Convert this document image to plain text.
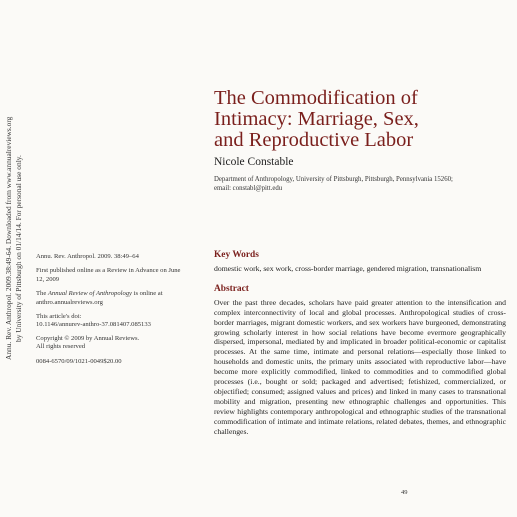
Annu. Rev. Anthropol. 2009.38:49-64. Downloaded from www.annualreviews.org by University of Pittsburgh on 01/14/14. For personal use only.
The Commodification of
Intimacy: Marriage, Sex,
and Reproductive Labor
Nicole Constable
Department of Anthropology, University of Pittsburgh, Pittsburgh, Pennsylvania 15260;
email: constabl@pitt.edu

Annu. Rev. Anthropol. 2009. 38:49–64

First published online as a Review in Advance on June 12, 2009

The Annual Review of Anthropology is online at anthro.annualreviews.org

This article's doi:
10.1146/annurev-anthro-37.081407.085133

Copyright © 2009 by Annual Reviews.
All rights reserved

0084-6570/09/1021-0049$20.00

Key Words

domestic work, sex work, cross-border marriage, gendered migration, transnationalism

Abstract

Over the past three decades, scholars have paid greater attention to the intensification and complex interconnectivity of local and global processes. Anthropological studies of cross-border marriages, migrant domestic workers, and sex workers have burgeoned, demonstrating growing scholarly interest in how social relations have become evermore geographically dispersed, impersonal, mediated by and implicated in broader political-economic or capitalist processes. At the same time, intimate and personal relations—especially those linked to households and domestic units, the primary units associated with reproductive labor—have become more explicitly commodified, linked to commodities and to commodified global processes (i.e., bought or sold; packaged and advertised; fetishized, commercialized, or objectified; consumed; assigned values and prices) and linked in many cases to transnational mobility and migration, presenting new ethnographic challenges and opportunities. This review highlights contemporary anthropological and ethnographic studies of the transnational commodification of intimate and intimate relations, related debates, themes, and ethnographic challenges.

49
